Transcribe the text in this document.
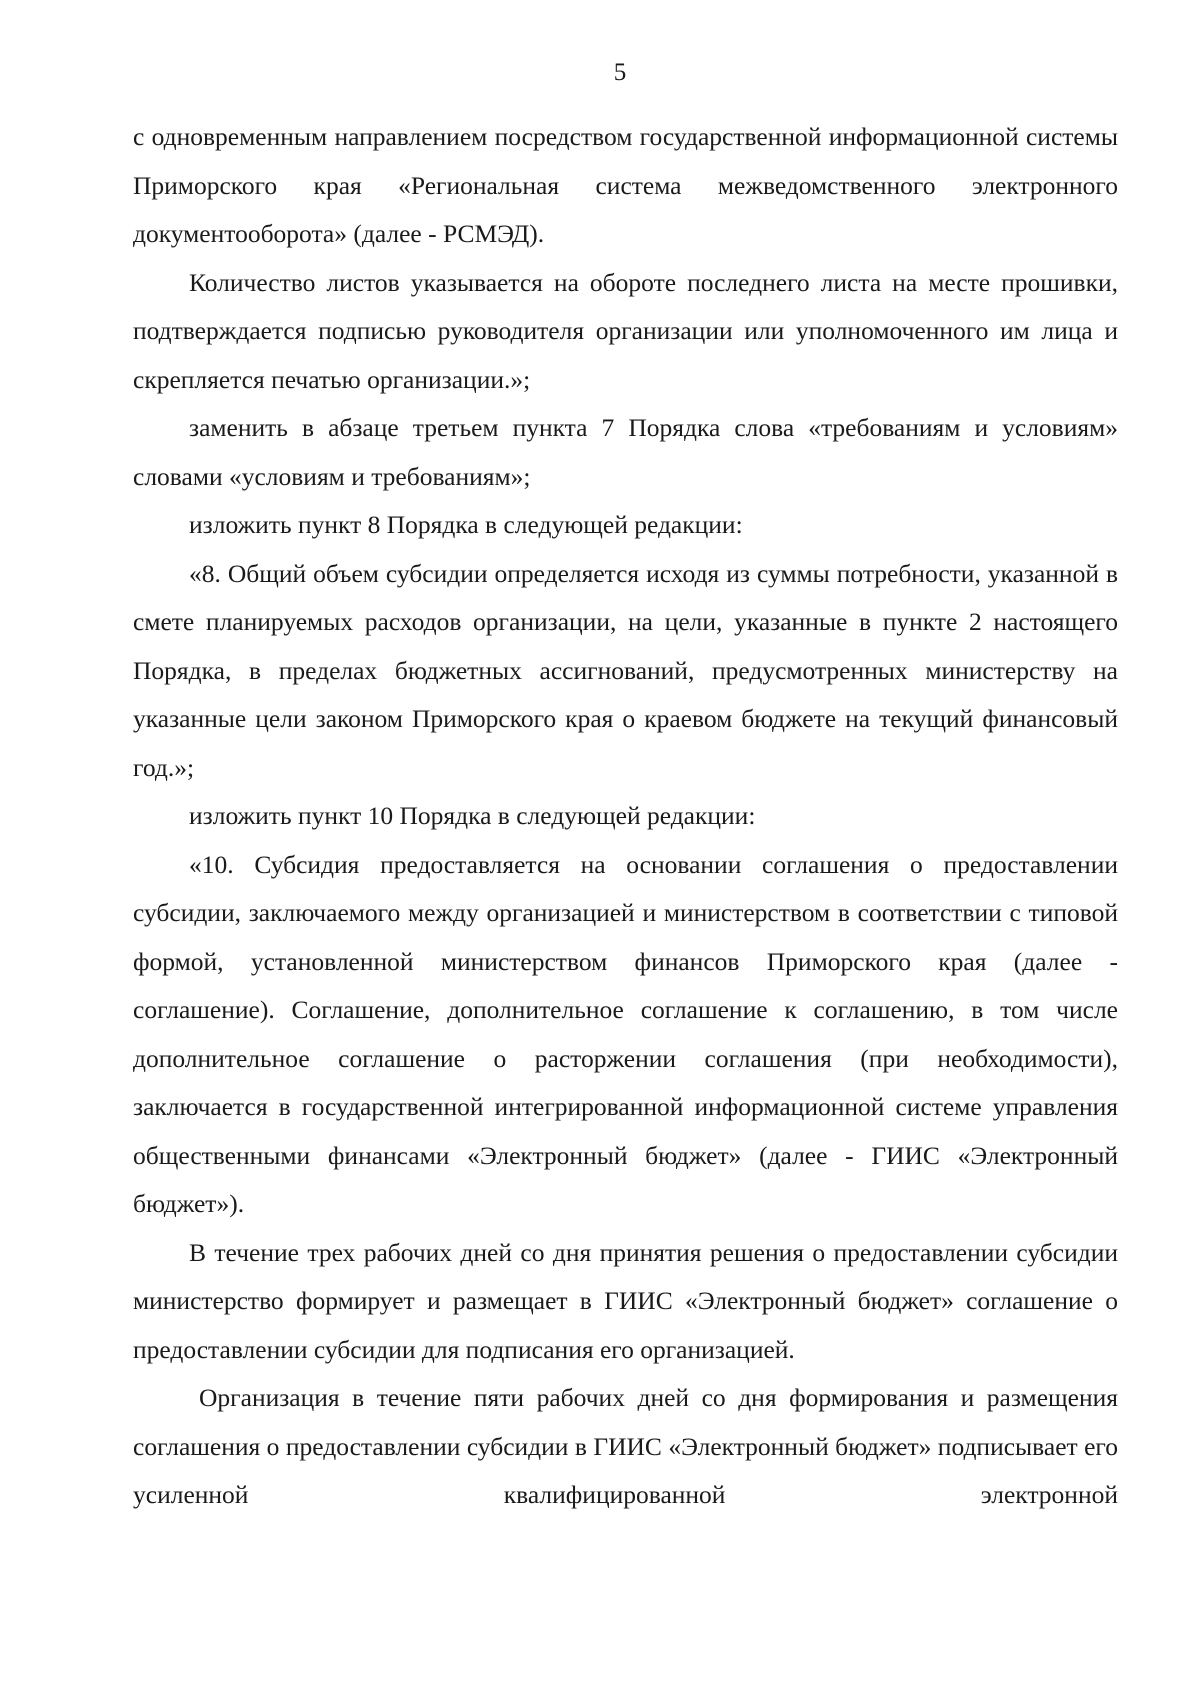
5

с одновременным направлением посредством государственной информационной системы Приморского края «Региональная система межведомственного электронного документооборота» (далее - РСМЭД).

Количество листов указывается на обороте последнего листа на месте прошивки, подтверждается подписью руководителя организации или уполномоченного им лица и скрепляется печатью организации.»;

заменить в абзаце третьем пункта 7 Порядка слова «требованиям и условиям» словами «условиям и требованиям»;

изложить пункт 8 Порядка в следующей редакции:

«8. Общий объем субсидии определяется исходя из суммы потребности, указанной в смете планируемых расходов организации, на цели, указанные в пункте 2 настоящего Порядка, в пределах бюджетных ассигнований, предусмотренных министерству на указанные цели законом Приморского края о краевом бюджете на текущий финансовый год.»;

изложить пункт 10 Порядка в следующей редакции:

«10. Субсидия предоставляется на основании соглашения о предоставлении субсидии, заключаемого между организацией и министерством в соответствии с типовой формой, установленной министерством финансов Приморского края (далее - соглашение). Соглашение, дополнительное соглашение к соглашению, в том числе дополнительное соглашение о расторжении соглашения (при необходимости), заключается в государственной интегрированной информационной системе управления общественными финансами «Электронный бюджет» (далее - ГИИС «Электронный бюджет»).

В течение трех рабочих дней со дня принятия решения о предоставлении субсидии министерство формирует и размещает в ГИИС «Электронный бюджет» соглашение о предоставлении субсидии для подписания его организацией.

Организация в течение пяти рабочих дней со дня формирования и размещения соглашения о предоставлении субсидии в ГИИС «Электронный бюджет» подписывает его усиленной квалифицированной электронной
